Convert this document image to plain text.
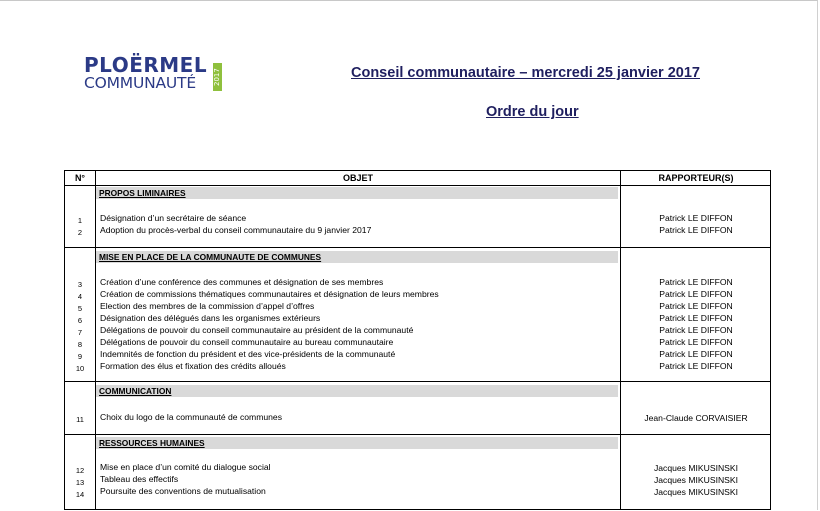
PLOËRMEL
COMMUNAUTÉ 2017	Conseil communautaire – mercredi 25 janvier 2017
Ordre du jour
N°	OBJET	RAPPORTEUR(S)
PROPOS LIMINAIRES
1	Désignation d’un secrétaire de séance	Patrick LE DIFFON
2	Adoption du procès-verbal du conseil communautaire du 9 janvier 2017	Patrick LE DIFFON
MISE EN PLACE DE LA COMMUNAUTE DE COMMUNES
3	Création d’une conférence des communes et désignation de ses membres	Patrick LE DIFFON
4	Création de commissions thématiques communautaires et désignation de leurs membres	Patrick LE DIFFON
5	Election des membres de la commission d’appel d’offres	Patrick LE DIFFON
6	Désignation des délégués dans les organismes extérieurs	Patrick LE DIFFON
7	Délégations de pouvoir du conseil communautaire au président de la communauté	Patrick LE DIFFON
8	Délégations de pouvoir du conseil communautaire au bureau communautaire	Patrick LE DIFFON
9	Indemnités de fonction du président et des vice-présidents de la communauté	Patrick LE DIFFON
10	Formation des élus et fixation des crédits alloués	Patrick LE DIFFON
COMMUNICATION
11	Choix du logo de la communauté de communes	Jean-Claude CORVAISIER
RESSOURCES HUMAINES
12	Mise en place d’un comité du dialogue social	Jacques MIKUSINSKI
13	Tableau des effectifs	Jacques MIKUSINSKI
14	Poursuite des conventions de mutualisation	Jacques MIKUSINSKI
